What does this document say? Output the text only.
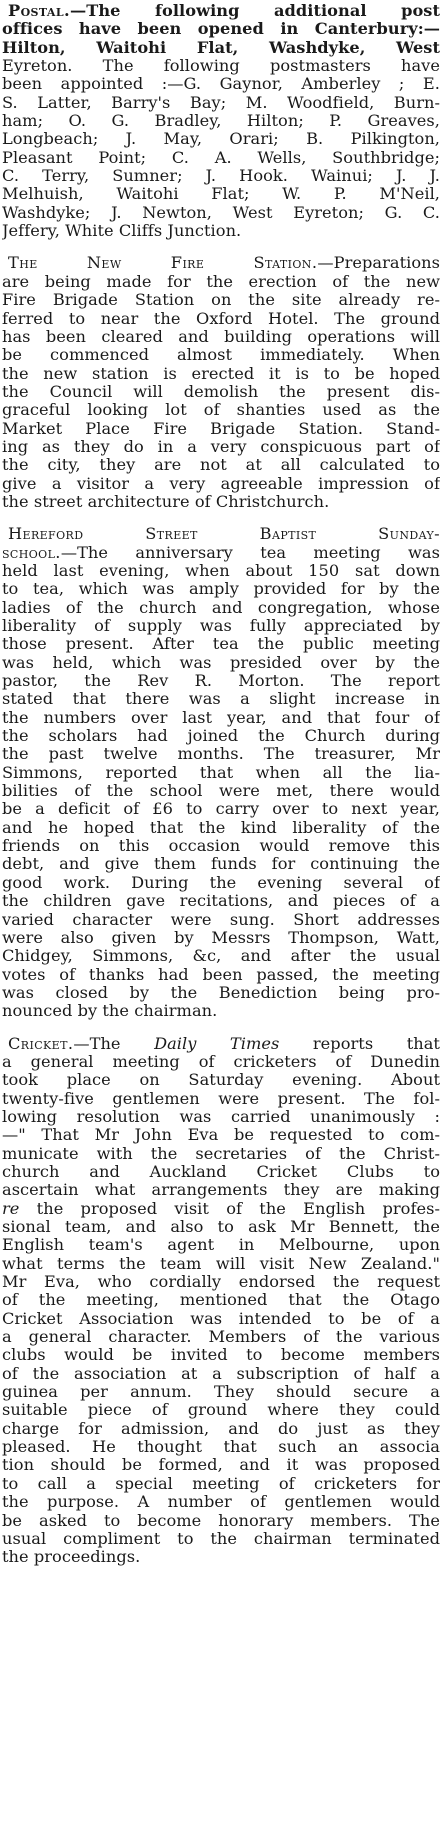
Postal.—The following additional post
offices have been opened in Canterbury:—
Hilton, Waitohi Flat, Washdyke, West
Eyreton. The following postmasters have
been appointed :—G. Gaynor, Amberley ; E.
S. Latter, Barry's Bay; M. Woodfield, Burn-
ham; O. G. Bradley, Hilton; P. Greaves,
Longbeach; J. May, Orari; B. Pilkington,
Pleasant Point; C. A. Wells, Southbridge;
C. Terry, Sumner; J. Hook. Wainui; J. J.
Melhuish, Waitohi Flat; W. P. M'Neil,
Washdyke; J. Newton, West Eyreton; G. C.
Jeffery, White Cliffs Junction.
The New Fire Station.—Preparations
are being made for the erection of the new
Fire Brigade Station on the site already re-
ferred to near the Oxford Hotel. The ground
has been cleared and building operations will
be commenced almost immediately. When
the new station is erected it is to be hoped
the Council will demolish the present dis-
graceful looking lot of shanties used as the
Market Place Fire Brigade Station. Stand-
ing as they do in a very conspicuous part of
the city, they are not at all calculated to
give a visitor a very agreeable impression of
the street architecture of Christchurch.
Hereford Street Baptist Sunday-
school.—The anniversary tea meeting was
held last evening, when about 150 sat down
to tea, which was amply provided for by the
ladies of the church and congregation, whose
liberality of supply was fully appreciated by
those present. After tea the public meeting
was held, which was presided over by the
pastor, the Rev R. Morton. The report
stated that there was a slight increase in
the numbers over last year, and that four of
the scholars had joined the Church during
the past twelve months. The treasurer, Mr
Simmons, reported that when all the lia-
bilities of the school were met, there would
be a deficit of £6 to carry over to next year,
and he hoped that the kind liberality of the
friends on this occasion would remove this
debt, and give them funds for continuing the
good work. During the evening several of
the children gave recitations, and pieces of a
varied character were sung. Short addresses
were also given by Messrs Thompson, Watt,
Chidgey, Simmons, &c, and after the usual
votes of thanks had been passed, the meeting
was closed by the Benediction being pro-
nounced by the chairman.
Cricket.—The Daily Times reports that
a general meeting of cricketers of Dunedin
took place on Saturday evening. About
twenty-five gentlemen were present. The fol-
lowing resolution was carried unanimously :
—" That Mr John Eva be requested to com-
municate with the secretaries of the Christ-
church and Auckland Cricket Clubs to
ascertain what arrangements they are making
re the proposed visit of the English profes-
sional team, and also to ask Mr Bennett, the
English team's agent in Melbourne, upon
what terms the team will visit New Zealand."
Mr Eva, who cordially endorsed the request
of the meeting, mentioned that the Otago
Cricket Association was intended to be of a
a general character. Members of the various
clubs would be invited to become members
of the association at a subscription of half a
guinea per annum. They should secure a
suitable piece of ground where they could
charge for admission, and do just as they
pleased. He thought that such an associa
tion should be formed, and it was proposed
to call a special meeting of cricketers for
the purpose. A number of gentlemen would
be asked to become honorary members. The
usual compliment to the chairman terminated
the proceedings.
